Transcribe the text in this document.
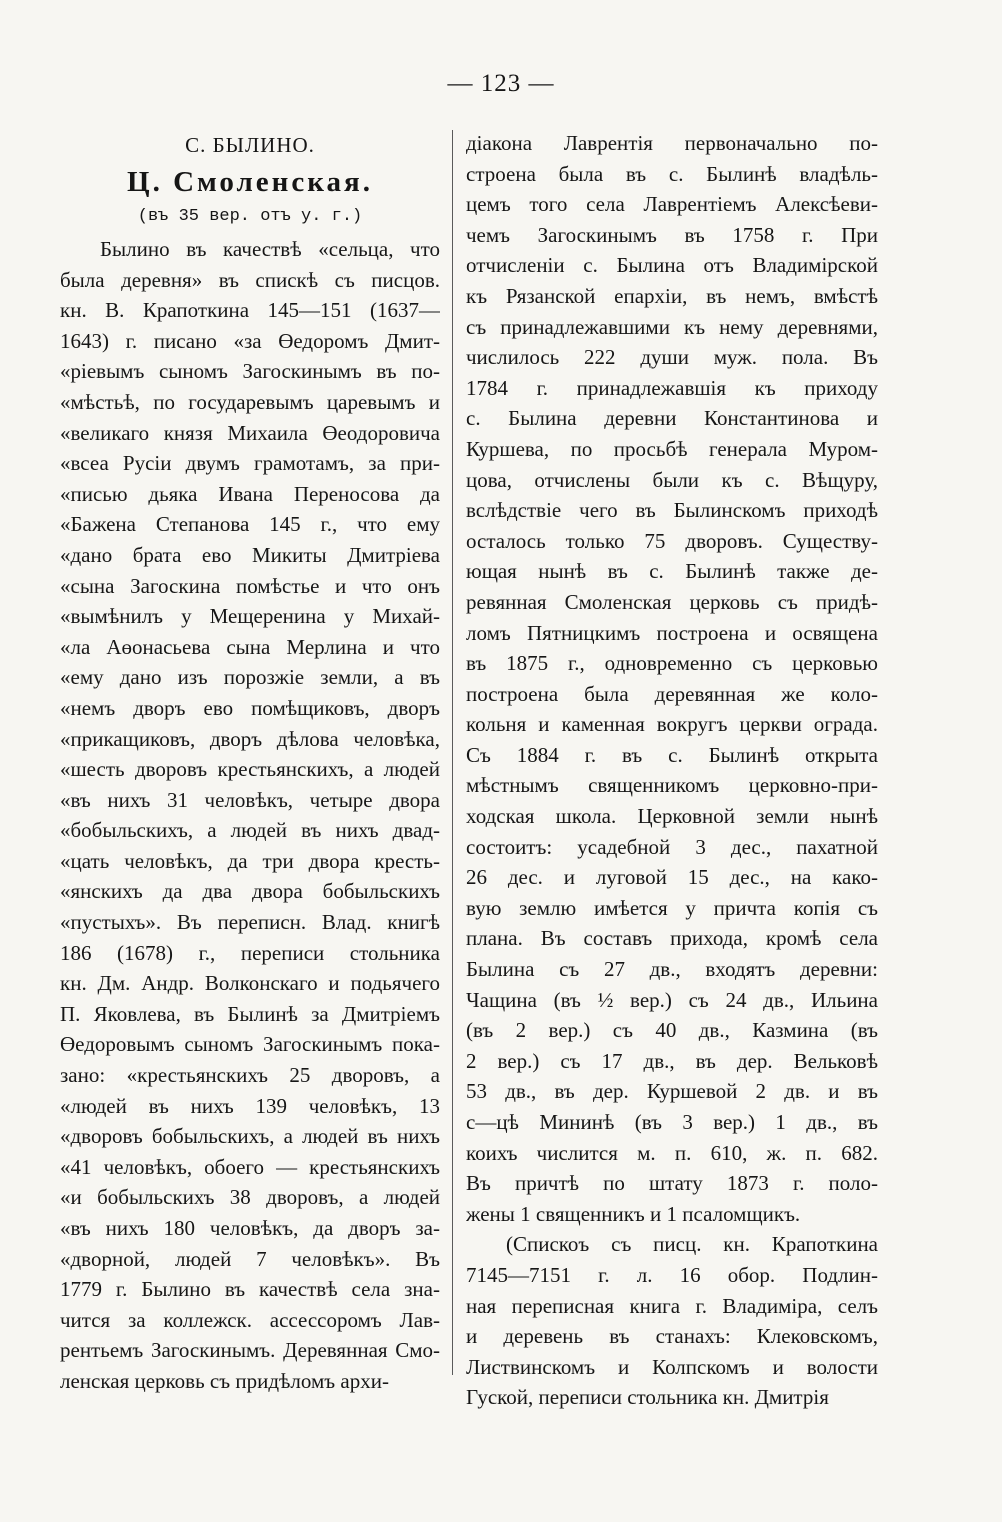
— 123 —
С. БЫЛИНО.
Ц. Смоленская.
(въ 35 вер. отъ у. г.)
Былино въ качествѣ «сельца, что
была деревня» въ спискѣ съ писцов.
кн. В. Крапоткина 145—151 (1637—
1643) г. писано «за Өедоромъ Дмит-
«ріевымъ сыномъ Загоскинымъ въ по-
«мѣстьѣ, по государевымъ царевымъ и
«великаго князя Михаила Өеодоровича
«всеа Русіи двумъ грамотамъ, за при-
«писью дьяка Ивана Переносова да
«Бажена Степанова 145 г., что ему
«дано брата ево Микиты Дмитріева
«сына Загоскина помѣстье и что онъ
«вымѣнилъ у Мещеренина у Михай-
«ла Аөонасьева сына Мерлина и что
«ему дано изъ порозжіе земли, а въ
«немъ дворъ ево помѣщиковъ, дворъ
«прикащиковъ, дворъ дѣлова человѣка,
«шесть дворовъ крестьянскихъ, а людей
«въ нихъ 31 человѣкъ, четыре двора
«бобыльскихъ, а людей въ нихъ двад-
«цать человѣкъ, да три двора кресть-
«янскихъ да два двора бобыльскихъ
«пустыхъ». Въ переписн. Влад. книгѣ
186 (1678) г., переписи стольника
кн. Дм. Андр. Волконскаго и подьячего
П. Яковлева, въ Былинѣ за Дмитріемъ
Өедоровымъ сыномъ Загоскинымъ пока-
зано: «крестьянскихъ 25 дворовъ, а
«людей въ нихъ 139 человѣкъ, 13
«дворовъ бобыльскихъ, а людей въ нихъ
«41 человѣкъ, обоего — крестьянскихъ
«и бобыльскихъ 38 дворовъ, а людей
«въ нихъ 180 человѣкъ, да дворъ за-
«дворной, людей 7 человѣкъ». Въ
1779 г. Былино въ качествѣ села зна-
чится за коллежск. ассессоромъ Лав-
рентьемъ Загоскинымъ. Деревянная Смо-
ленская церковь съ придѣломъ архи-
діакона Лаврентія первоначально по-
строена была въ с. Былинѣ владѣль-
цемъ того села Лаврентіемъ Алексѣеви-
чемъ Загоскинымъ въ 1758 г. При
отчисленіи с. Былина отъ Владимірской
къ Рязанской епархіи, въ немъ, вмѣстѣ
съ принадлежавшими къ нему деревнями,
числилось 222 души муж. пола. Въ
1784 г. принадлежавшія къ приходу
с. Былина деревни Константинова и
Куршева, по просьбѣ генерала Муром-
цова, отчислены были къ с. Вѣщуру,
вслѣдствіе чего въ Былинскомъ приходѣ
осталось только 75 дворовъ. Существу-
ющая нынѣ въ с. Былинѣ также де-
ревянная Смоленская церковь съ придѣ-
ломъ Пятницкимъ построена и освящена
въ 1875 г., одновременно съ церковью
построена была деревянная же коло-
кольня и каменная вокругъ церкви ограда.
Съ 1884 г. въ с. Былинѣ открыта
мѣстнымъ священникомъ церковно-при-
ходская школа. Церковной земли нынѣ
состоитъ: усадебной 3 дес., пахатной
26 дес. и луговой 15 дес., на како-
вую землю имѣется у причта копія съ
плана. Въ составъ прихода, кромѣ села
Былина съ 27 дв., входятъ деревни:
Чащина (въ ½ вер.) съ 24 дв., Ильина
(въ 2 вер.) съ 40 дв., Казмина (въ
2 вер.) съ 17 дв., въ дер. Вельковѣ
53 дв., въ дер. Куршевой 2 дв. и въ
с—цѣ Мининѣ (въ 3 вер.) 1 дв., въ
коихъ числится м. п. 610, ж. п. 682.
Въ причтѣ по штату 1873 г. поло-
жены 1 священникъ и 1 псаломщикъ.
(Спискоъ съ писц. кн. Крапоткина
7145—7151 г. л. 16 обор. Подлин-
ная переписная книга г. Владиміра, селъ
и деревень въ станахъ: Клековскомъ,
Листвинскомъ и Колпскомъ и волости
Гуской, переписи стольника кн. Дмитрія
